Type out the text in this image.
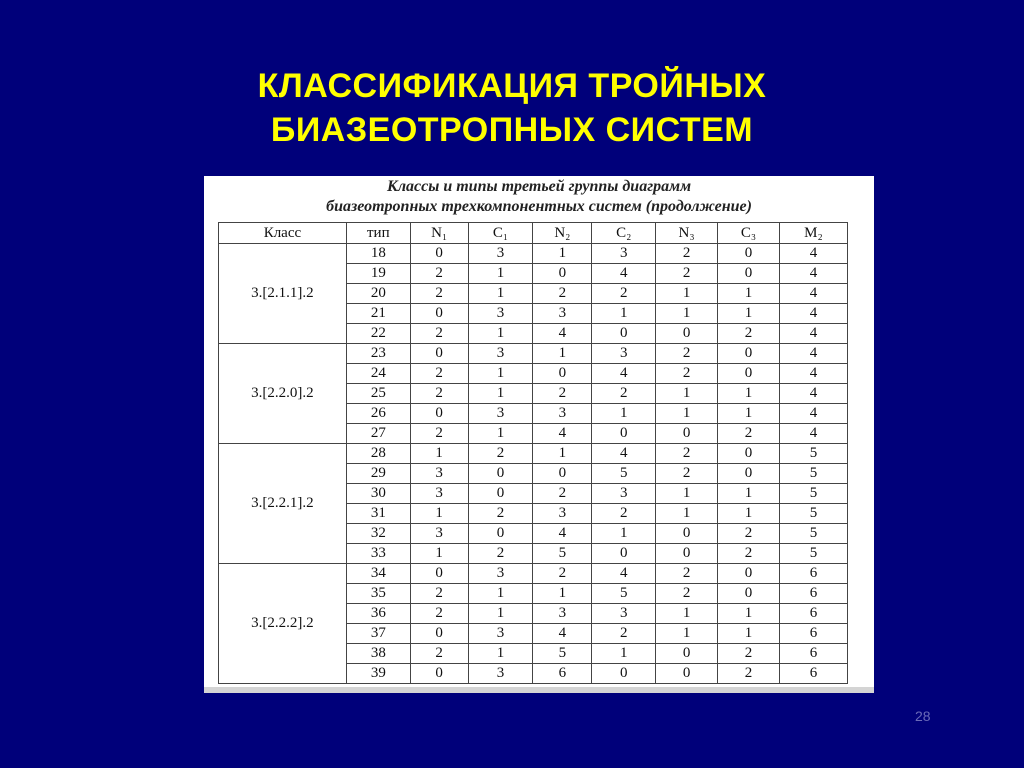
КЛАССИФИКАЦИЯ ТРОЙНЫХ
БИАЗЕОТРОПНЫХ СИСТЕМ
Классы и типы третьей группы диаграмм
биазеотропных трехкомпонентных систем (продолжение)
Класс	тип	N₁	C₁	N₂	C₂	N₃	C₃	M₂
3.[2.1.1].2	18	0	3	1	3	2	0	4
	19	2	1	0	4	2	0	4
	20	2	1	2	2	1	1	4
	21	0	3	3	1	1	1	4
	22	2	1	4	0	0	2	4
3.[2.2.0].2	23	0	3	1	3	2	0	4
	24	2	1	0	4	2	0	4
	25	2	1	2	2	1	1	4
	26	0	3	3	1	1	1	4
	27	2	1	4	0	0	2	4
3.[2.2.1].2	28	1	2	1	4	2	0	5
	29	3	0	0	5	2	0	5
	30	3	0	2	3	1	1	5
	31	1	2	3	2	1	1	5
	32	3	0	4	1	0	2	5
	33	1	2	5	0	0	2	5
3.[2.2.2].2	34	0	3	2	4	2	0	6
	35	2	1	1	5	2	0	6
	36	2	1	3	3	1	1	6
	37	0	3	4	2	1	1	6
	38	2	1	5	1	0	2	6
	39	0	3	6	0	0	2	6
28
